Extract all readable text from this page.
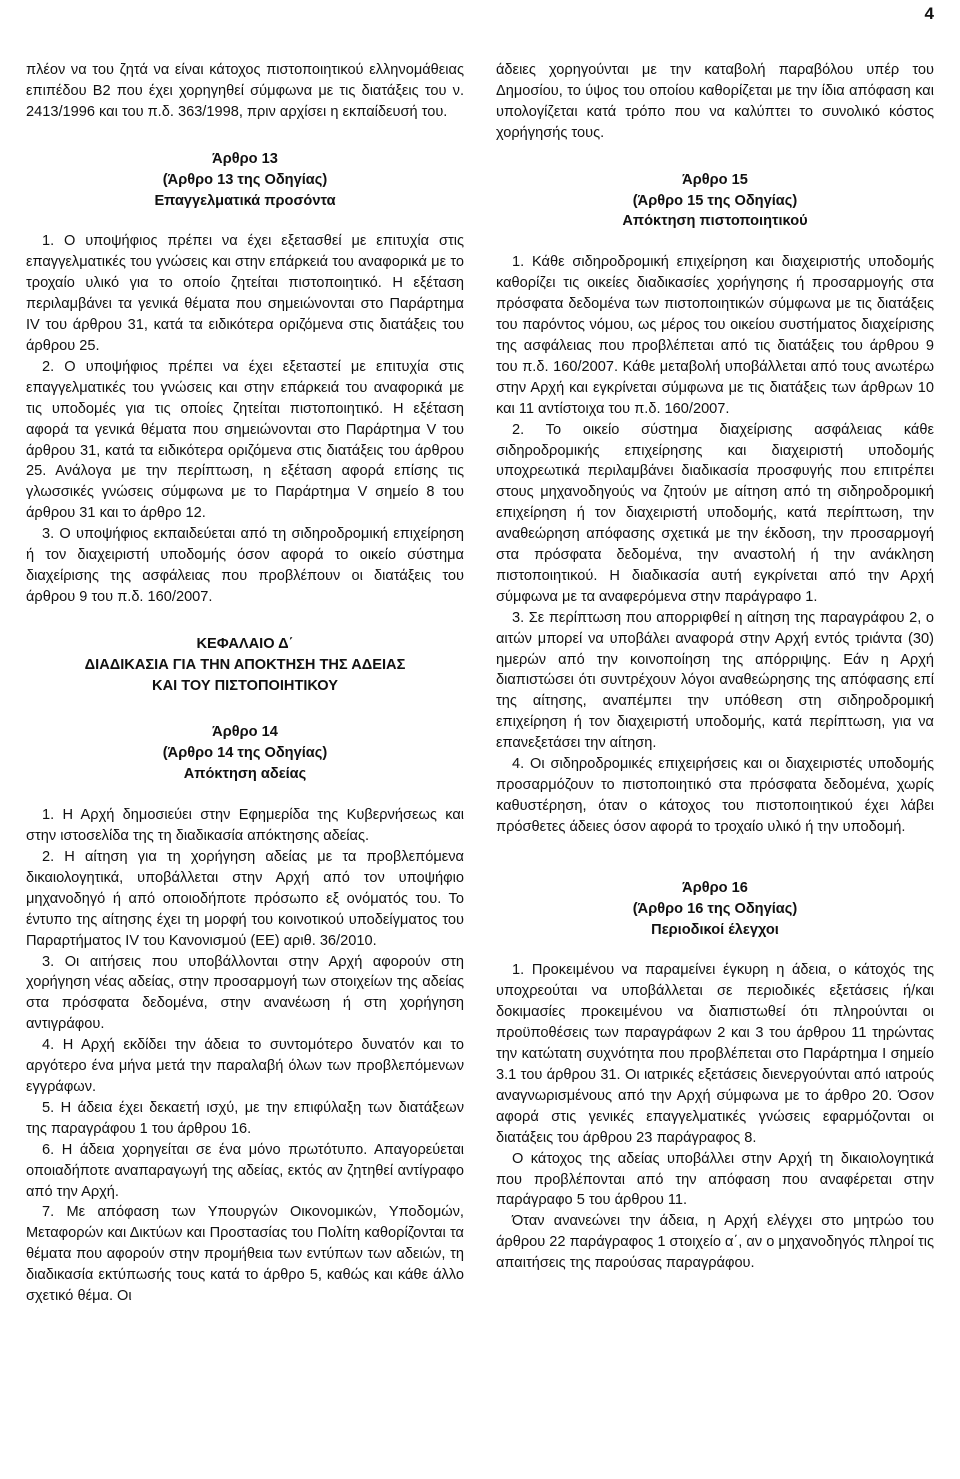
4

πλέον να του ζητά να είναι κάτοχος πιστοποιητικού ελληνομάθειας επιπέδου Β2 που έχει χορηγηθεί σύμφωνα με τις διατάξεις του ν. 2413/1996 και του π.δ. 363/1998, πριν αρχίσει η εκπαίδευσή του.

Άρθρο 13
(Άρθρο 13 της Οδηγίας)
Επαγγελματικά προσόντα

1. Ο υποψήφιος πρέπει να έχει εξετασθεί με επιτυχία στις επαγγελματικές του γνώσεις και στην επάρκειά του αναφορικά με το τροχαίο υλικό για το οποίο ζητείται πιστοποιητικό. Η εξέταση περιλαμβάνει τα γενικά θέματα που σημειώνονται στο Παράρτημα IV του άρθρου 31, κατά τα ειδικότερα οριζόμενα στις διατάξεις του άρθρου 25.

2. Ο υποψήφιος πρέπει να έχει εξεταστεί με επιτυχία στις επαγγελματικές του γνώσεις και στην επάρκειά του αναφορικά με τις υποδομές για τις οποίες ζητείται πιστοποιητικό. Η εξέταση αφορά τα γενικά θέματα που σημειώνονται στο Παράρτημα V του άρθρου 31, κατά τα ειδικότερα οριζόμενα στις διατάξεις του άρθρου 25. Ανάλογα με την περίπτωση, η εξέταση αφορά επίσης τις γλωσσικές γνώσεις σύμφωνα με το Παράρτημα V σημείο 8 του άρθρου 31 και το άρθρο 12.

3. Ο υποψήφιος εκπαιδεύεται από τη σιδηροδρομική επιχείρηση ή τον διαχειριστή υποδομής όσον αφορά το οικείο σύστημα διαχείρισης της ασφάλειας που προβλέπουν οι διατάξεις του άρθρου 9 του π.δ. 160/2007.

ΚΕΦΑΛΑΙΟ Δ΄
ΔΙΑΔΙΚΑΣΙΑ ΓΙΑ ΤΗΝ ΑΠΟΚΤΗΣΗ ΤΗΣ ΑΔΕΙΑΣ
ΚΑΙ ΤΟΥ ΠΙΣΤΟΠΟΙΗΤΙΚΟΥ
Άρθρο 14
(Άρθρο 14 της Οδηγίας)
Απόκτηση αδείας

1. Η Αρχή δημοσιεύει στην Εφημερίδα της Κυβερνήσεως και στην ιστοσελίδα της τη διαδικασία απόκτησης αδείας.

2. Η αίτηση για τη χορήγηση αδείας με τα προβλεπόμενα δικαιολογητικά, υποβάλλεται στην Αρχή από τον υποψήφιο μηχανοδηγό ή από οποιοδήποτε πρόσωπο εξ ονόματός του. Το έντυπο της αίτησης έχει τη μορφή του κοινοτικού υποδείγματος του Παραρτήματος IV του Κανονισμού (ΕΕ) αριθ. 36/2010.

3. Οι αιτήσεις που υποβάλλονται στην Αρχή αφορούν στη χορήγηση νέας αδείας, στην προσαρμογή των στοιχείων της αδείας στα πρόσφατα δεδομένα, στην ανανέωση ή στη χορήγηση αντιγράφου.

4. Η Αρχή εκδίδει την άδεια το συντομότερο δυνατόν και το αργότερο ένα μήνα μετά την παραλαβή όλων των προβλεπόμενων εγγράφων.

5. Η άδεια έχει δεκαετή ισχύ, με την επιφύλαξη των διατάξεων της παραγράφου 1 του άρθρου 16.

6. Η άδεια χορηγείται σε ένα μόνο πρωτότυπο. Απαγορεύεται οποιαδήποτε αναπαραγωγή της αδείας, εκτός αν ζητηθεί αντίγραφο από την Αρχή.

7. Με απόφαση των Υπουργών Οικονομικών, Υποδομών, Μεταφορών και Δικτύων και Προστασίας του Πολίτη καθορίζονται τα θέματα που αφορούν στην προμήθεια των εντύπων των αδειών, τη διαδικασία εκτύπωσής τους κατά το άρθρο 5, καθώς και κάθε άλλο σχετικό θέμα. Οι

άδειες χορηγούνται με την καταβολή παραβόλου υπέρ του Δημοσίου, το ύψος του οποίου καθορίζεται με την ίδια απόφαση και υπολογίζεται κατά τρόπο που να καλύπτει το συνολικό κόστος χορήγησής τους.

Άρθρο 15
(Άρθρο 15 της Οδηγίας)
Απόκτηση πιστοποιητικού

1. Κάθε σιδηροδρομική επιχείρηση και διαχειριστής υποδομής καθορίζει τις οικείες διαδικασίες χορήγησης ή προσαρμογής στα πρόσφατα δεδομένα των πιστοποιητικών σύμφωνα με τις διατάξεις του παρόντος νόμου, ως μέρος του οικείου συστήματος διαχείρισης της ασφάλειας που προβλέπεται από τις διατάξεις του άρθρου 9 του π.δ. 160/2007. Κάθε μεταβολή υποβάλλεται από τους ανωτέρω στην Αρχή και εγκρίνεται σύμφωνα με τις διατάξεις των άρθρων 10 και 11 αντίστοιχα του π.δ. 160/2007.

2. Το οικείο σύστημα διαχείρισης ασφάλειας κάθε σιδηροδρομικής επιχείρησης και διαχειριστή υποδομής υποχρεωτικά περιλαμβάνει διαδικασία προσφυγής που επιτρέπει στους μηχανοδηγούς να ζητούν με αίτηση από τη σιδηροδρομική επιχείρηση ή τον διαχειριστή υποδομής, κατά περίπτωση, την αναθεώρηση απόφασης σχετικά με την έκδοση, την προσαρμογή στα πρόσφατα δεδομένα, την αναστολή ή την ανάκληση πιστοποιητικού. Η διαδικασία αυτή εγκρίνεται από την Αρχή σύμφωνα με τα αναφερόμενα στην παράγραφο 1.

3. Σε περίπτωση που απορριφθεί η αίτηση της παραγράφου 2, ο αιτών μπορεί να υποβάλει αναφορά στην Αρχή εντός τριάντα (30) ημερών από την κοινοποίηση της απόρριψης. Εάν η Αρχή διαπιστώσει ότι συντρέχουν λόγοι αναθεώρησης της απόφασης επί της αίτησης, αναπέμπει την υπόθεση στη σιδηροδρομική επιχείρηση ή τον διαχειριστή υποδομής, κατά περίπτωση, για να επανεξετάσει την αίτηση.

4. Οι σιδηροδρομικές επιχειρήσεις και οι διαχειριστές υποδομής προσαρμόζουν το πιστοποιητικό στα πρόσφατα δεδομένα, χωρίς καθυστέρηση, όταν ο κάτοχος του πιστοποιητικού έχει λάβει πρόσθετες άδειες όσον αφορά το τροχαίο υλικό ή την υποδομή.

Άρθρο 16
(Άρθρο 16 της Οδηγίας)
Περιοδικοί έλεγχοι

1. Προκειμένου να παραμείνει έγκυρη η άδεια, ο κάτοχός της υποχρεούται να υποβάλλεται σε περιοδικές εξετάσεις ή/και δοκιμασίες προκειμένου να διαπιστωθεί ότι πληρούνται οι προϋποθέσεις των παραγράφων 2 και 3 του άρθρου 11 τηρώντας την κατώτατη συχνότητα που προβλέπεται στο Παράρτημα Ι σημείο 3.1 του άρθρου 31. Οι ιατρικές εξετάσεις διενεργούνται από ιατρούς αναγνωρισμένους από την Αρχή σύμφωνα με το άρθρο 20. Όσον αφορά στις γενικές επαγγελματικές γνώσεις εφαρμόζονται οι διατάξεις του άρθρου 23 παράγραφος 8.

Ο κάτοχος της αδείας υποβάλλει στην Αρχή τη δικαιολογητικά που προβλέπονται από την απόφαση που αναφέρεται στην παράγραφο 5 του άρθρου 11.

Όταν ανανεώνει την άδεια, η Αρχή ελέγχει στο μητρώο του άρθρου 22 παράγραφος 1 στοιχείο α΄, αν ο μηχανοδηγός πληροί τις απαιτήσεις της παρούσας παραγράφου.
